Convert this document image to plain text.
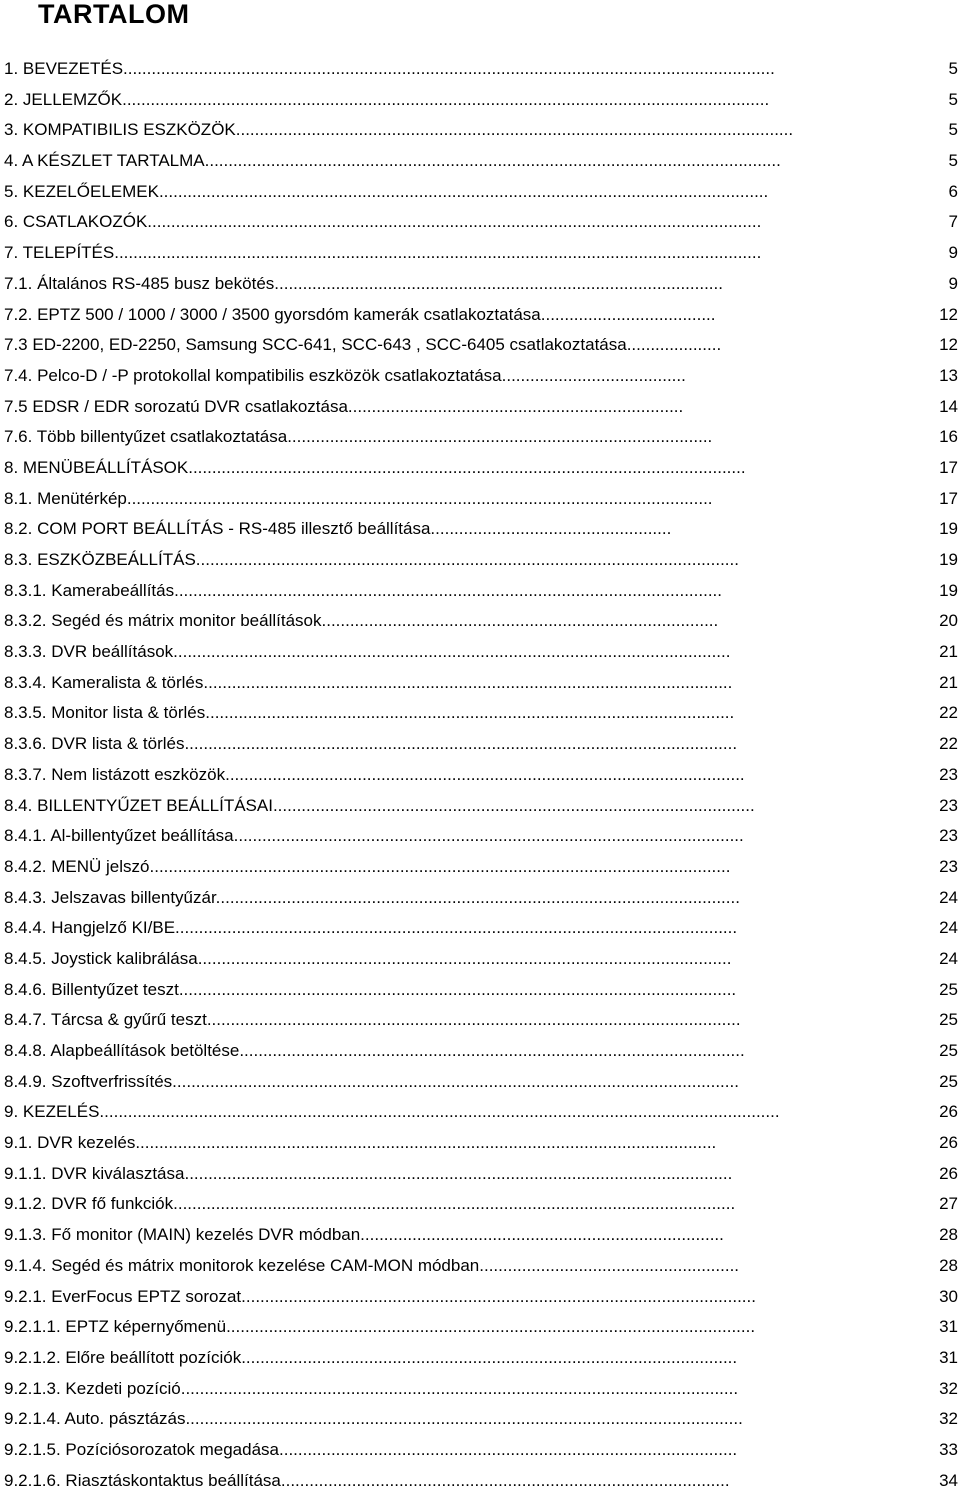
TARTALOM
1. BEVEZETÉS..........................................................................................................................................	5
2. JELLEMZŐK.........................................................................................................................................	5
3. KOMPATIBILIS ESZKÖZÖK......................................................................................................................	5
4. A KÉSZLET TARTALMA..........................................................................................................................	5
5. KEZELŐELEMEK.................................................................................................................................	6
6. CSATLAKOZÓK..................................................................................................................................	7
7. TELEPÍTÉS.........................................................................................................................................	9
7.1. Általános RS-485 busz bekötés...............................................................................................	9
7.2. EPTZ 500 / 1000 / 3000 / 3500 gyorsdóm kamerák csatlakoztatása.....................................	12
7.3 ED-2200, ED-2250, Samsung SCC-641, SCC-643 , SCC-6405 csatlakoztatása....................	12
7.4. Pelco-D / -P protokollal kompatibilis eszközök csatlakoztatása.......................................	13
7.5 EDSR / EDR sorozatú DVR csatlakoztása.......................................................................	14
7.6. Több billentyűzet csatlakoztatása..........................................................................................	16
8. MENÜBEÁLLÍTÁSOK......................................................................................................................	17
8.1. Menütérkép............................................................................................................................	17
8.2. COM PORT BEÁLLÍTÁS - RS-485 illesztő beállítása...................................................	19
8.3. ESZKÖZBEÁLLÍTÁS...................................................................................................................	19
8.3.1. Kamerabeállítás....................................................................................................................	19
8.3.2. Segéd és mátrix monitor beállítások....................................................................................	20
8.3.3. DVR beállítások......................................................................................................................	21
8.3.4. Kameralista & törlés................................................................................................................	21
8.3.5. Monitor lista & törlés................................................................................................................	22
8.3.6. DVR lista & törlés.....................................................................................................................	22
8.3.7. Nem listázott eszközök..............................................................................................................	23
8.4. BILLENTYŰZET BEÁLLÍTÁSAI......................................................................................................	23
8.4.1. Al-billentyűzet beállítása............................................................................................................	23
8.4.2. MENÜ jelszó...........................................................................................................................	23
8.4.3. Jelszavas billentyűzár...............................................................................................................	24
8.4.4. Hangjelző KI/BE.......................................................................................................................	24
8.4.5. Joystick kalibrálása.................................................................................................................	24
8.4.6. Billentyűzet teszt......................................................................................................................	25
8.4.7. Tárcsa & gyűrű teszt.................................................................................................................	25
8.4.8. Alapbeállítások betöltése...........................................................................................................	25
8.4.9. Szoftverfrissítés........................................................................................................................	25
9. KEZELÉS................................................................................................................................................	26
9.1. DVR kezelés...........................................................................................................................	26
9.1.1. DVR kiválasztása....................................................................................................................	26
9.1.2. DVR fő funkciók.......................................................................................................................	27
9.1.3. Fő monitor (MAIN) kezelés DVR módban.............................................................................	28
9.1.4. Segéd és mátrix monitorok kezelése CAM-MON módban.......................................................	28
9.2.1. EverFocus EPTZ sorozat.............................................................................................................	30
9.2.1.1. EPTZ képernyőmenü................................................................................................................	31
9.2.1.2. Előre beállított pozíciók.........................................................................................................	31
9.2.1.3. Kezdeti pozíció......................................................................................................................	32
9.2.1.4. Auto. pásztázás......................................................................................................................	32
9.2.1.5. Pozíciósorozatok megadása.................................................................................................	33
9.2.1.6. Riasztáskontaktus beállítása...............................................................................................	34
